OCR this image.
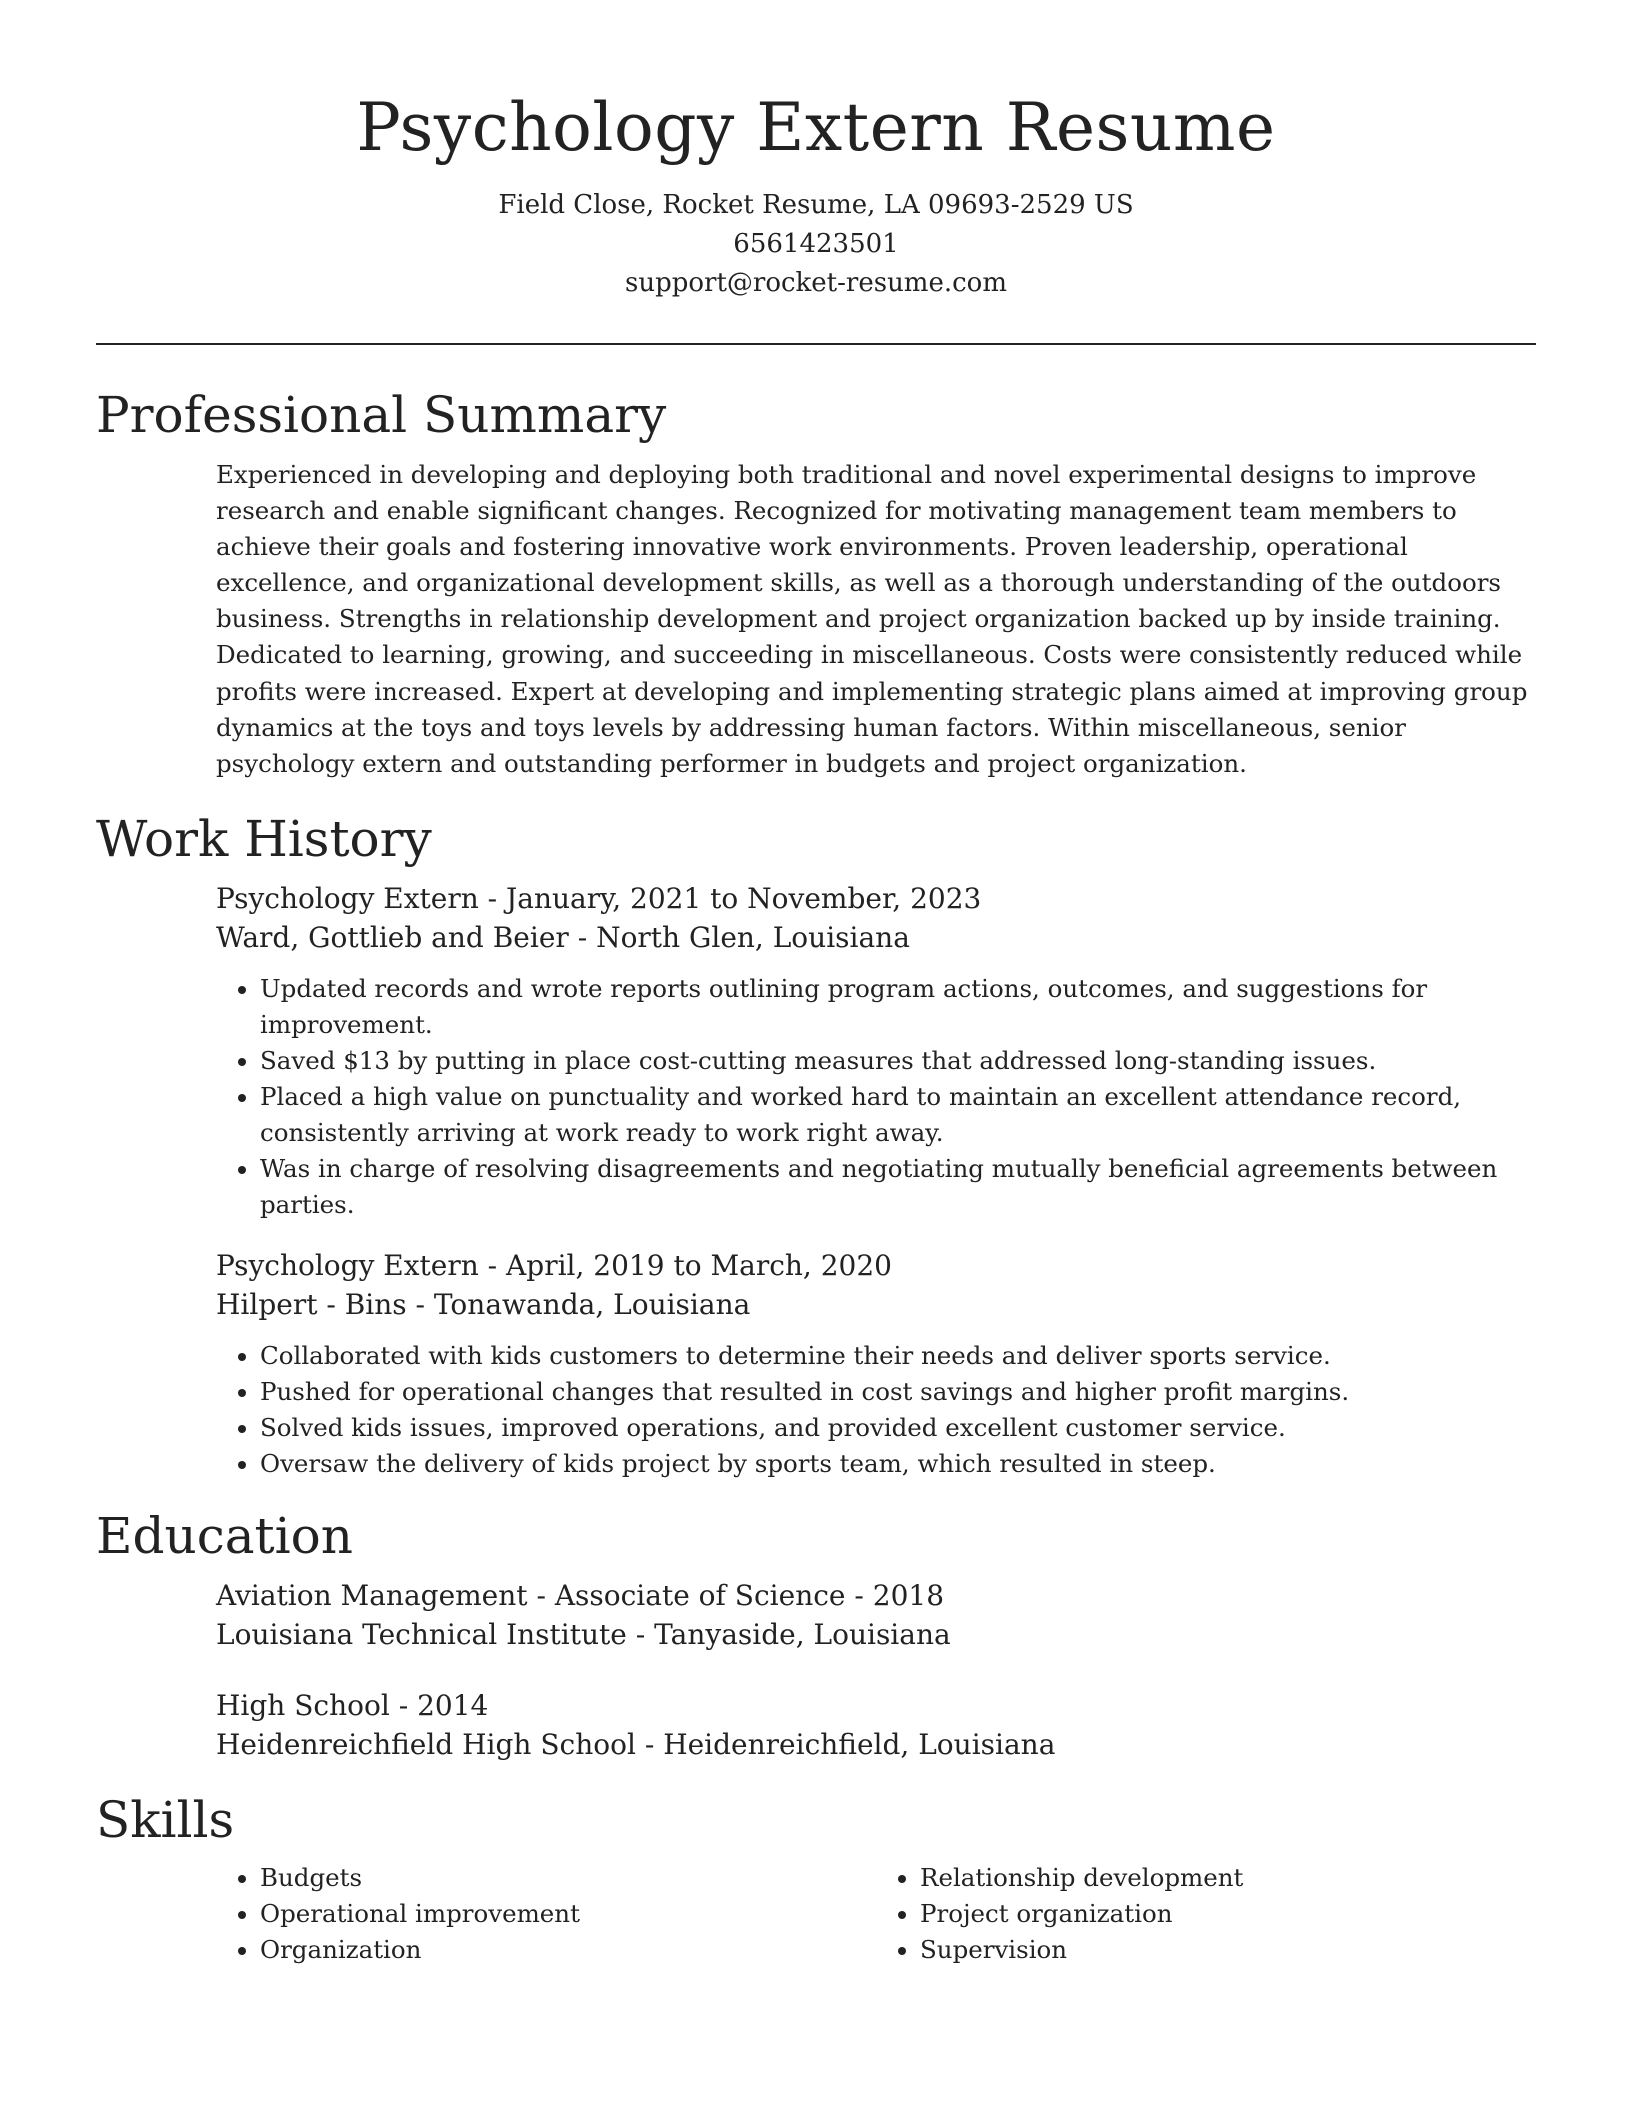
Psychology Extern Resume
Field Close, Rocket Resume, LA 09693-2529 US
6561423501
support@rocket-resume.com
Professional Summary

Experienced in developing and deploying both traditional and novel experimental designs to improve research and enable significant changes. Recognized for motivating management team members to achieve their goals and fostering innovative work environments. Proven leadership, operational excellence, and organizational development skills, as well as a thorough understanding of the outdoors business. Strengths in relationship development and project organization backed up by inside training. Dedicated to learning, growing, and succeeding in miscellaneous. Costs were consistently reduced while profits were increased. Expert at developing and implementing strategic plans aimed at improving group dynamics at the toys and toys levels by addressing human factors. Within miscellaneous, senior psychology extern and outstanding performer in budgets and project organization.

Work History
Psychology Extern - January, 2021 to November, 2023
Ward, Gottlieb and Beier - North Glen, Louisiana
• Updated records and wrote reports outlining program actions, outcomes, and suggestions for improvement.
• Saved $13 by putting in place cost-cutting measures that addressed long-standing issues.
• Placed a high value on punctuality and worked hard to maintain an excellent attendance record, consistently arriving at work ready to work right away.
• Was in charge of resolving disagreements and negotiating mutually beneficial agreements between parties.
Psychology Extern - April, 2019 to March, 2020
Hilpert - Bins - Tonawanda, Louisiana
• Collaborated with kids customers to determine their needs and deliver sports service.
• Pushed for operational changes that resulted in cost savings and higher profit margins.
• Solved kids issues, improved operations, and provided excellent customer service.
• Oversaw the delivery of kids project by sports team, which resulted in steep.
Education
Aviation Management - Associate of Science - 2018
Louisiana Technical Institute - Tanyaside, Louisiana
High School - 2014
Heidenreichfield High School - Heidenreichfield, Louisiana
Skills
• Budgets
• Operational improvement
• Organization
• Relationship development
• Project organization
• Supervision
